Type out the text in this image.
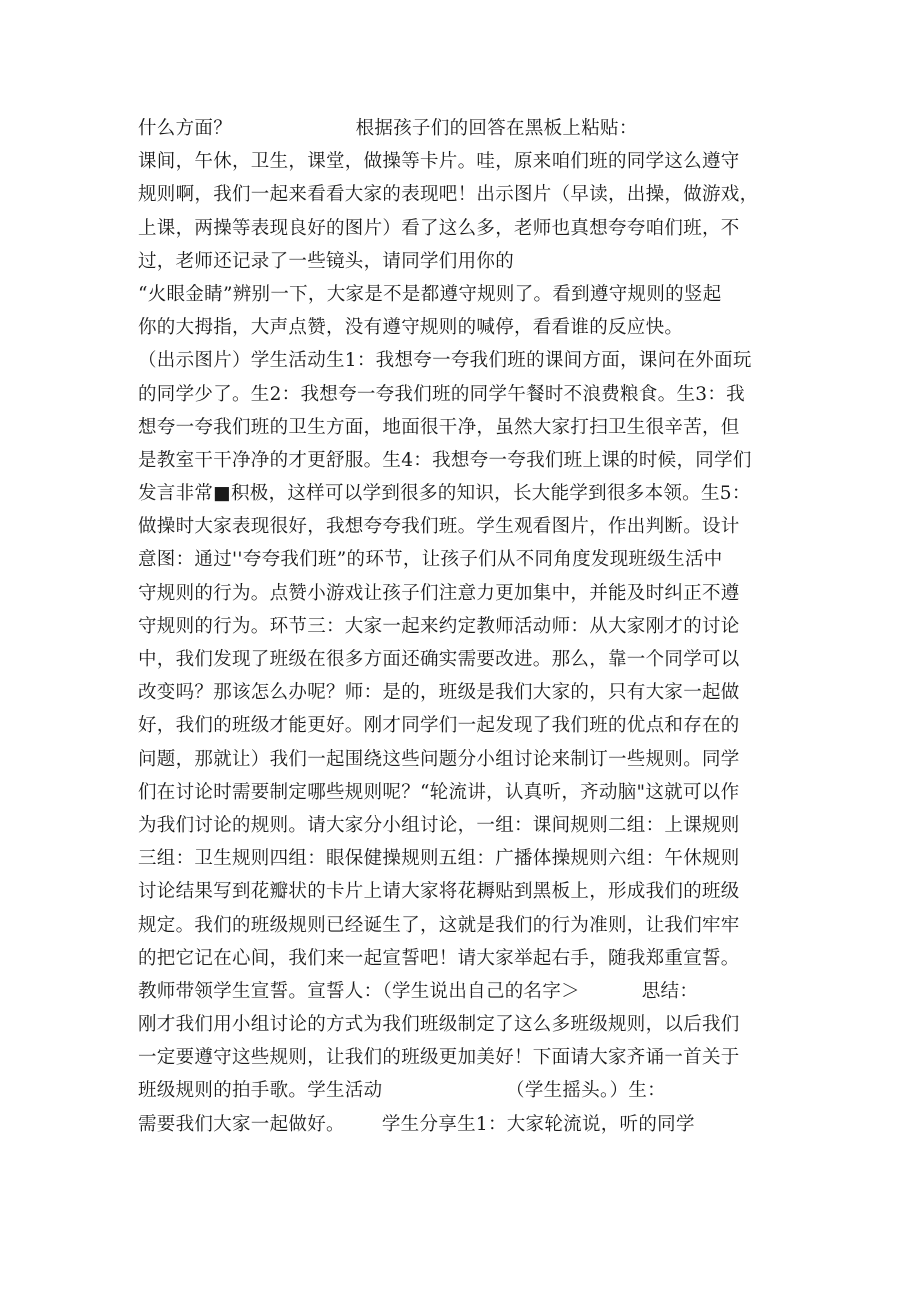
什么方面？                    根据孩子们的回答在黑板上粘贴：
课间，午休，卫生，课堂，做操等卡片。哇，原来咱们班的同学这么遵守
规则啊，我们一起来看看大家的表现吧！出示图片（早读，出操，做游戏，
上课，两操等表现良好的图片）看了这么多，老师也真想夸夸咱们班，不
过，老师还记录了一些镜头，请同学们用你的
“火眼金睛”辨别一下，大家是不是都遵守规则了。看到遵守规则的竖起
你的大拇指，大声点赞，没有遵守规则的喊停，看看谁的反应快。
（出示图片）学生活动生1：我想夸一夸我们班的课间方面，课问在外面玩
的同学少了。生2：我想夸一夸我们班的同学午餐时不浪费粮食。生3：我
想夸一夸我们班的卫生方面，地面很干净，虽然大家打扫卫生很辛苦，但
是教室干干净净的才更舒服。生4：我想夸一夸我们班上课的时候，同学们
发言非常■积极，这样可以学到很多的知识，长大能学到很多本领。生5：
做操时大家表现很好，我想夸夸我们班。学生观看图片，作出判断。设计
意图：通过''夸夸我们班”的环节，让孩子们从不同角度发现班级生活中
守规则的行为。点赞小游戏让孩子们注意力更加集中，并能及时纠正不遵
守规则的行为。环节三：大家一起来约定教师活动师：从大家刚才的讨论
中，我们发现了班级在很多方面还确实需要改进。那么，靠一个同学可以
改变吗？那该怎么办呢？师：是的，班级是我们大家的，只有大家一起做
好，我们的班级才能更好。刚才同学们一起发现了我们班的优点和存在的
问题，那就让）我们一起围绕这些问题分小组讨论来制订一些规则。同学
们在讨论时需要制定哪些规则呢？“轮流讲，认真听，齐动脑"这就可以作
为我们讨论的规则。请大家分小组讨论，一组：课间规则二组：上课规则
三组：卫生规则四组：眼保健操规则五组：广播体操规则六组：午休规则
讨论结果写到花瓣状的卡片上请大家将花耨贴到黑板上，形成我们的班级
规定。我们的班级规则已经诞生了，这就是我们的行为准则，让我们牢牢
的把它记在心间，我们来一起宣誓吧！请大家举起右手，随我郑重宣誓。
教师带领学生宣誓。宣誓人：（学生说出自己的名字＞          思结：
刚才我们用小组讨论的方式为我们班级制定了这么多班级规则，以后我们
一定要遵守这些规则，让我们的班级更加美好！下面请大家齐诵一首关于
班级规则的拍手歌。学生活动                    （学生摇头。）生：
需要我们大家一起做好。      学生分享生1：大家轮流说，听的同学
